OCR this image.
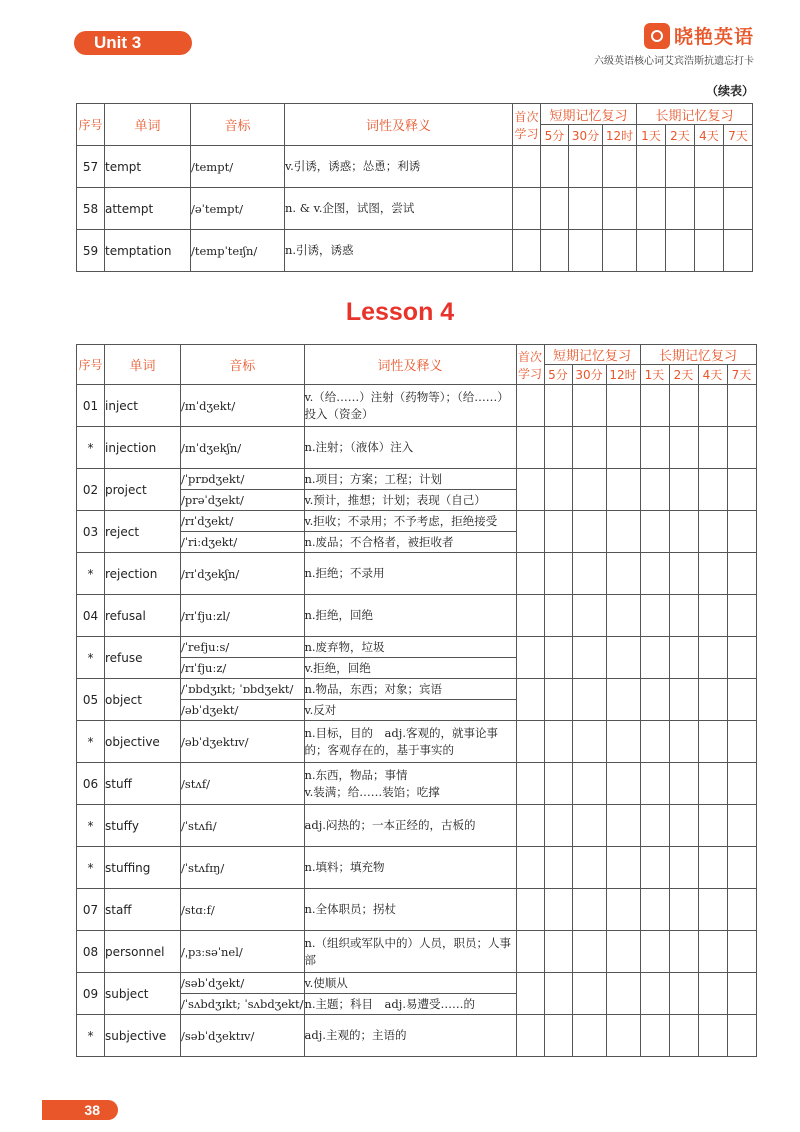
Unit 3	晓艳英语
六级英语核心词艾宾浩斯抗遗忘打卡
（续表）
序号	单词	音标	词性及释义	首次学习	短期记忆复习			长期记忆复习			
					5分	30分	12时	1天	2天	4天	7天
57	tempt	/tempt/	v.引诱，诱惑；怂恿；利诱								

58	attempt	/əˈtempt/	n. & v.企图，试图，尝试								

59	temptation	/tempˈteɪʃn/	n.引诱，诱惑								

Lesson 4
序号	单词	音标	词性及释义	首次学习	短期记忆复习			长期记忆复习			
					5分	30分	12时	1天	2天	4天	7天
01	inject	/ɪnˈdʒekt/	v.（给……）注射（药物等）；（给……）投入（资金）								

*	injection	/ɪnˈdʒekʃn/	n.注射；（液体）注入								

02	project	/ˈprɒdʒekt/	n.项目；方案；工程；计划								

		/prəˈdʒekt/	v.预计，推想；计划；表现（自己）								

03	reject	/rɪˈdʒekt/	v.拒收；不录用；不予考虑，拒绝接受								

		/ˈriːdʒekt/	n.废品；不合格者，被拒收者								

*	rejection	/rɪˈdʒekʃn/	n.拒绝；不录用								

04	refusal	/rɪˈfjuːzl/	n.拒绝，回绝								

*	refuse	/ˈrefjuːs/	n.废弃物，垃圾								

		/rɪˈfjuːz/	v.拒绝，回绝								

05	object	/ˈɒbdʒɪkt; ˈɒbdʒekt/	n.物品，东西；对象；宾语								

		/əbˈdʒekt/	v.反对								

*	objective	/əbˈdʒektɪv/	n.目标，目的　adj.客观的，就事论事的；客观存在的，基于事实的								

06	stuff	/stʌf/	n.东西，物品；事情
v.装满；给……装馅；吃撑								

*	stuffy	/ˈstʌfi/	adj.闷热的；一本正经的，古板的								

*	stuffing	/ˈstʌfɪŋ/	n.填料；填充物								

07	staff	/stɑːf/	n.全体职员；拐杖								

08	personnel	/ˌpɜːsəˈnel/	n.（组织或军队中的）人员，职员；人事部								

09	subject	/səbˈdʒekt/	v.使顺从								

		/ˈsʌbdʒɪkt; ˈsʌbdʒekt/	n.主题；科目　adj.易遭受……的								

*	subjective	/səbˈdʒektɪv/	adj.主观的；主语的								

38
